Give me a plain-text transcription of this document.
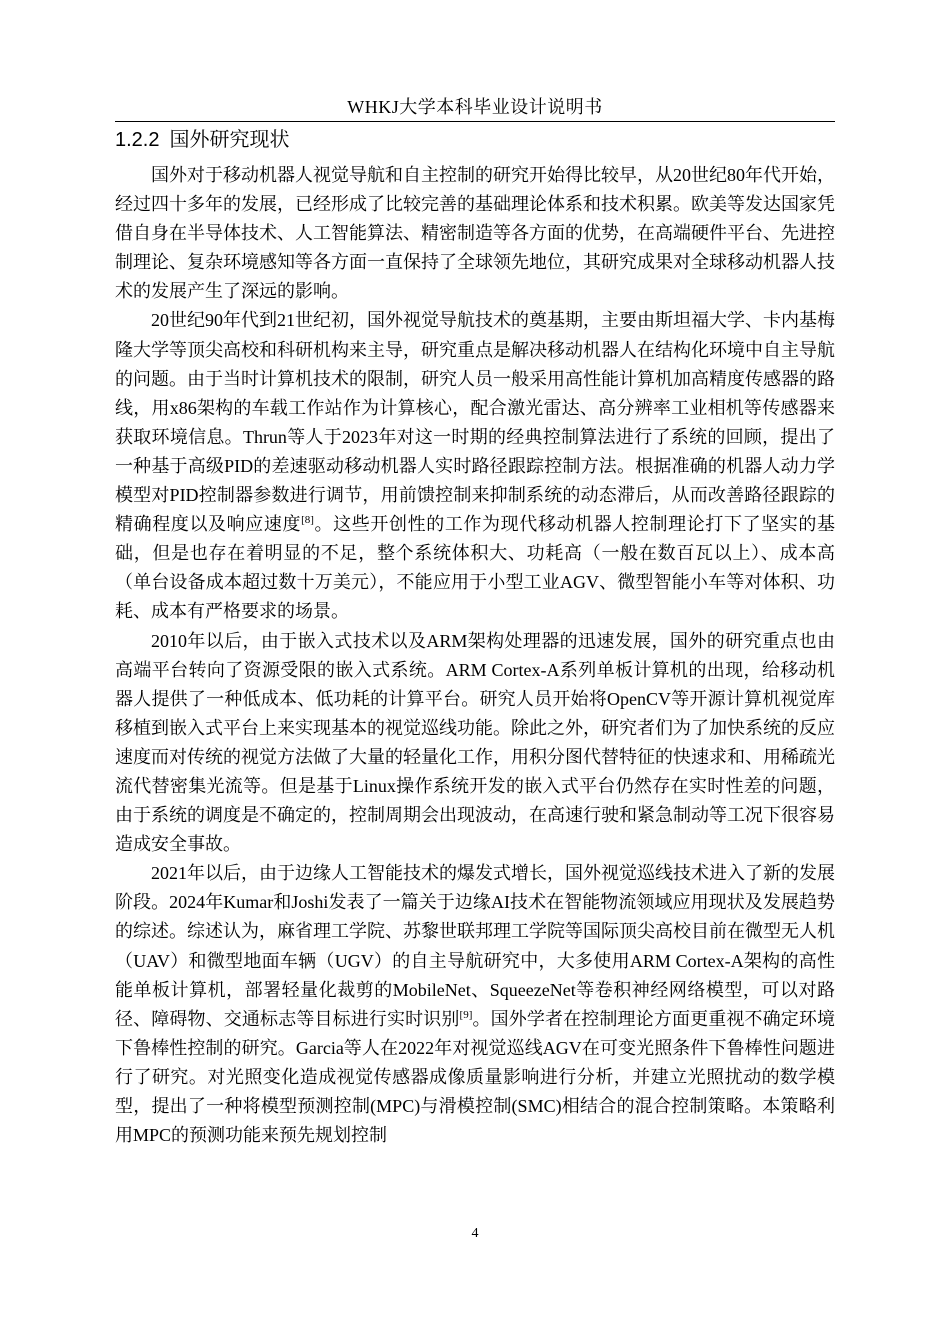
WHKJ大学本科毕业设计说明书
1.2.2 国外研究现状

国外对于移动机器人视觉导航和自主控制的研究开始得比较早，从20世纪80年代开始，经过四十多年的发展，已经形成了比较完善的基础理论体系和技术积累。欧美等发达国家凭借自身在半导体技术、人工智能算法、精密制造等各方面的优势，在高端硬件平台、先进控制理论、复杂环境感知等各方面一直保持了全球领先地位，其研究成果对全球移动机器人技术的发展产生了深远的影响。

20世纪90年代到21世纪初，国外视觉导航技术的奠基期，主要由斯坦福大学、卡内基梅隆大学等顶尖高校和科研机构来主导，研究重点是解决移动机器人在结构化环境中自主导航的问题。由于当时计算机技术的限制，研究人员一般采用高性能计算机加高精度传感器的路线，用x86架构的车载工作站作为计算核心，配合激光雷达、高分辨率工业相机等传感器来获取环境信息。Thrun等人于2023年对这一时期的经典控制算法进行了系统的回顾，提出了一种基于高级PID的差速驱动移动机器人实时路径跟踪控制方法。根据准确的机器人动力学模型对PID控制器参数进行调节，用前馈控制来抑制系统的动态滞后，从而改善路径跟踪的精确程度以及响应速度[8]。这些开创性的工作为现代移动机器人控制理论打下了坚实的基础，但是也存在着明显的不足，整个系统体积大、功耗高（一般在数百瓦以上）、成本高（单台设备成本超过数十万美元），不能应用于小型工业AGV、微型智能小车等对体积、功耗、成本有严格要求的场景。

2010年以后，由于嵌入式技术以及ARM架构处理器的迅速发展，国外的研究重点也由高端平台转向了资源受限的嵌入式系统。ARM Cortex-A系列单板计算机的出现，给移动机器人提供了一种低成本、低功耗的计算平台。研究人员开始将OpenCV等开源计算机视觉库移植到嵌入式平台上来实现基本的视觉巡线功能。除此之外，研究者们为了加快系统的反应速度而对传统的视觉方法做了大量的轻量化工作，用积分图代替特征的快速求和、用稀疏光流代替密集光流等。但是基于Linux操作系统开发的嵌入式平台仍然存在实时性差的问题，由于系统的调度是不确定的，控制周期会出现波动，在高速行驶和紧急制动等工况下很容易造成安全事故。

2021年以后，由于边缘人工智能技术的爆发式增长，国外视觉巡线技术进入了新的发展阶段。2024年Kumar和Joshi发表了一篇关于边缘AI技术在智能物流领域应用现状及发展趋势的综述。综述认为，麻省理工学院、苏黎世联邦理工学院等国际顶尖高校目前在微型无人机（UAV）和微型地面车辆（UGV）的自主导航研究中，大多使用ARM Cortex-A架构的高性能单板计算机，部署轻量化裁剪的MobileNet、SqueezeNet等卷积神经网络模型，可以对路径、障碍物、交通标志等目标进行实时识别[9]。国外学者在控制理论方面更重视不确定环境下鲁棒性控制的研究。Garcia等人在2022年对视觉巡线AGV在可变光照条件下鲁棒性问题进行了研究。对光照变化造成视觉传感器成像质量影响进行分析，并建立光照扰动的数学模型，提出了一种将模型预测控制(MPC)与滑模控制(SMC)相结合的混合控制策略。本策略利用MPC的预测功能来预先规划控制

4
